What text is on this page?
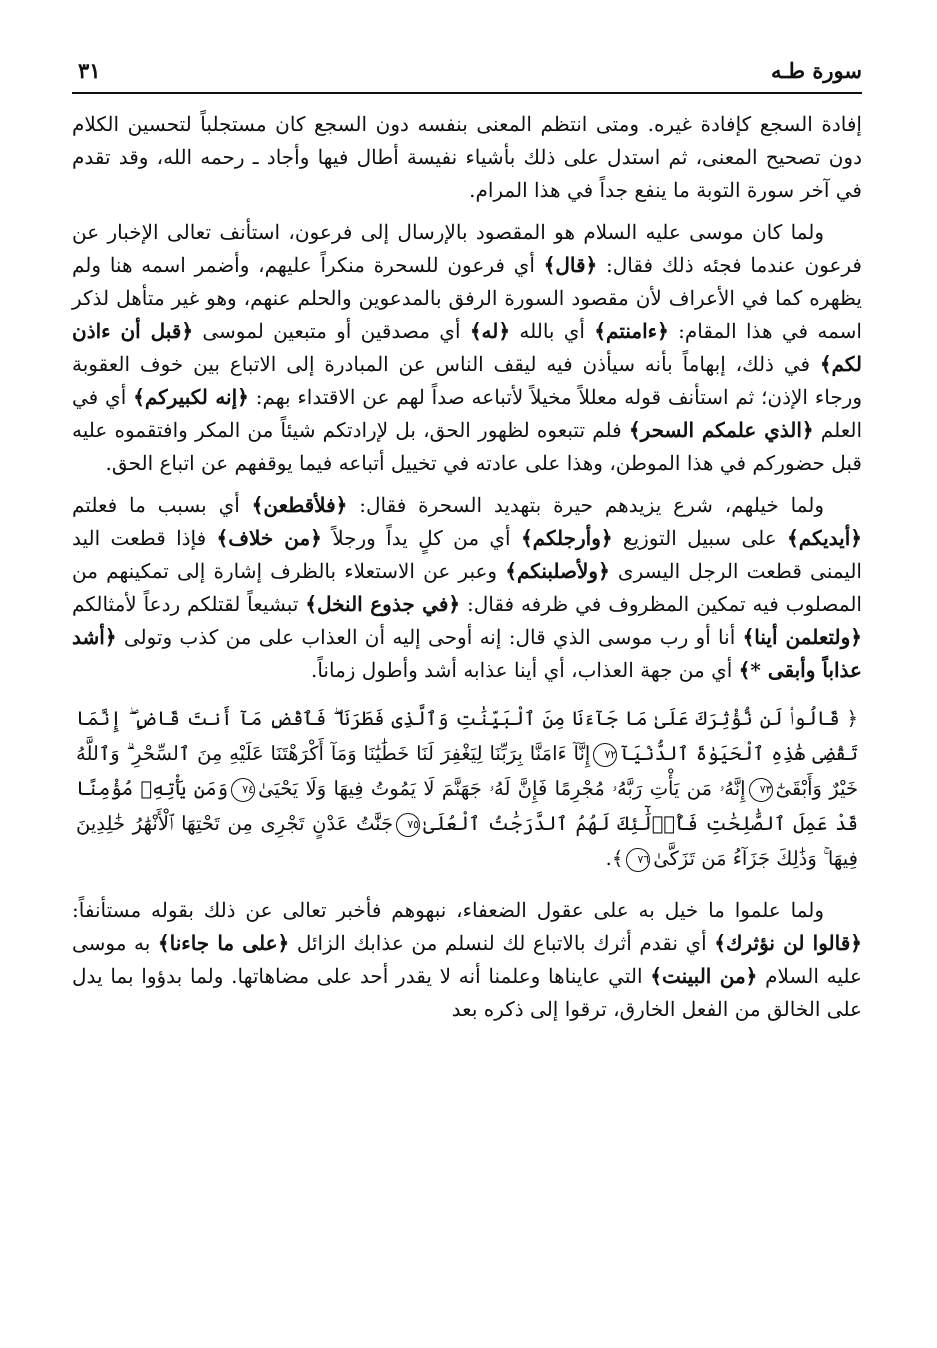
سورة طـه
٣١

إفادة السجع كإفادة غيره. ومتى انتظم المعنى بنفسه دون السجع كان مستجلباً لتحسين الكلام دون تصحيح المعنى، ثم استدل على ذلك بأشياء نفيسة أطال فيها وأجاد ـ رحمه الله، وقد تقدم في آخر سورة التوبة ما ينفع جداً في هذا المرام.

ولما كان موسى عليه السلام هو المقصود بالإرسال إلى فرعون، استأنف تعالى الإخبار عن فرعون عندما فجئه ذلك فقال: ﴿قال﴾ أي فرعون للسحرة منكراً عليهم، وأضمر اسمه هنا ولم يظهره كما في الأعراف لأن مقصود السورة الرفق بالمدعوين والحلم عنهم، وهو غير متأهل لذكر اسمه في هذا المقام: ﴿ءامنتم﴾ أي بالله ﴿له﴾ أي مصدقين أو متبعين لموسى ﴿قبل أن ءاذن لكم﴾ في ذلك، إبهاماً بأنه سيأذن فيه ليقف الناس عن المبادرة إلى الاتباع بين خوف العقوبة ورجاء الإذن؛ ثم استأنف قوله معللاً مخيلاً لأتباعه صداً لهم عن الاقتداء بهم: ﴿إنه لكبيركم﴾ أي في العلم ﴿الذي علمكم السحر﴾ فلم تتبعوه لظهور الحق، بل لإرادتكم شيئاً من المكر وافتقموه عليه قبل حضوركم في هذا الموطن، وهذا على عادته في تخييل أتباعه فيما يوقفهم عن اتباع الحق.

ولما خيلهم، شرع يزيدهم حيرة بتهديد السحرة فقال: ﴿فلأقطعن﴾ أي بسبب ما فعلتم ﴿أيديكم﴾ على سبيل التوزيع ﴿وأرجلكم﴾ أي من كلٍ يداً ورجلاً ﴿من خلاف﴾ فإذا قطعت اليد اليمنى قطعت الرجل اليسرى ﴿ولأصلبنكم﴾ وعبر عن الاستعلاء بالظرف إشارة إلى تمكينهم من المصلوب فيه تمكين المظروف في ظرفه فقال: ﴿في جذوع النخل﴾ تبشيعاً لقتلكم ردعاً لأمثالكم ﴿ولتعلمن أينا﴾ أنا أو رب موسى الذي قال: إنه أوحى إليه أن العذاب على من كذب وتولى ﴿أشد عذاباً وأبقى *﴾ أي من جهة العذاب، أي أينا عذابه أشد وأطول زماناً.

﴿ قَالُوا۟ لَن نُّؤْثِرَكَ عَلَىٰ مَا جَآءَنَا مِنَ ٱلْبَيِّنَٰتِ وَٱلَّذِى فَطَرَنَا ۖ فَٱقْضِ مَآ أَنتَ قَاضٍ ۖ إِنَّمَا تَقْضِى هَٰذِهِ ٱلْحَيَوٰةَ ٱلدُّنْيَآ٧٢إِنَّآ ءَامَنَّا بِرَبِّنَا لِيَغْفِرَ لَنَا خَطَٰيَٰنَا وَمَآ أَكْرَهْتَنَا عَلَيْهِ مِنَ ٱلسِّحْرِ ۗ وَٱللَّهُ خَيْرٌ وَأَبْقَىٰٓ٧٣إِنَّهُۥ مَن يَأْتِ رَبَّهُۥ مُجْرِمًا فَإِنَّ لَهُۥ جَهَنَّمَ لَا يَمُوتُ فِيهَا وَلَا يَحْيَىٰ٧٤وَمَن يَأْتِهِۦ مُؤْمِنًا قَدْ عَمِلَ ٱلصَّٰلِحَٰتِ فَأُو۟لَٰٓئِكَ لَهُمُ ٱلدَّرَجَٰتُ ٱلْعُلَىٰ٧٥جَنَّٰتُ عَدْنٍ تَجْرِى مِن تَحْتِهَا ٱلْأَنْهَٰرُ خَٰلِدِينَ فِيهَا ۚ وَذَٰلِكَ جَزَآءُ مَن تَزَكَّىٰ٧٦﴾.

ولما علموا ما خيل به على عقول الضعفاء، نبهوهم فأخبر تعالى عن ذلك بقوله مستأنفاً: ﴿قالوا لن نؤثرك﴾ أي نقدم أثرك بالاتباع لك لنسلم من عذابك الزائل ﴿على ما جاءنا﴾ به موسى عليه السلام ﴿من البينت﴾ التي عايناها وعلمنا أنه لا يقدر أحد على مضاهاتها. ولما بدؤوا بما يدل على الخالق من الفعل الخارق، ترقوا إلى ذكره بعد
